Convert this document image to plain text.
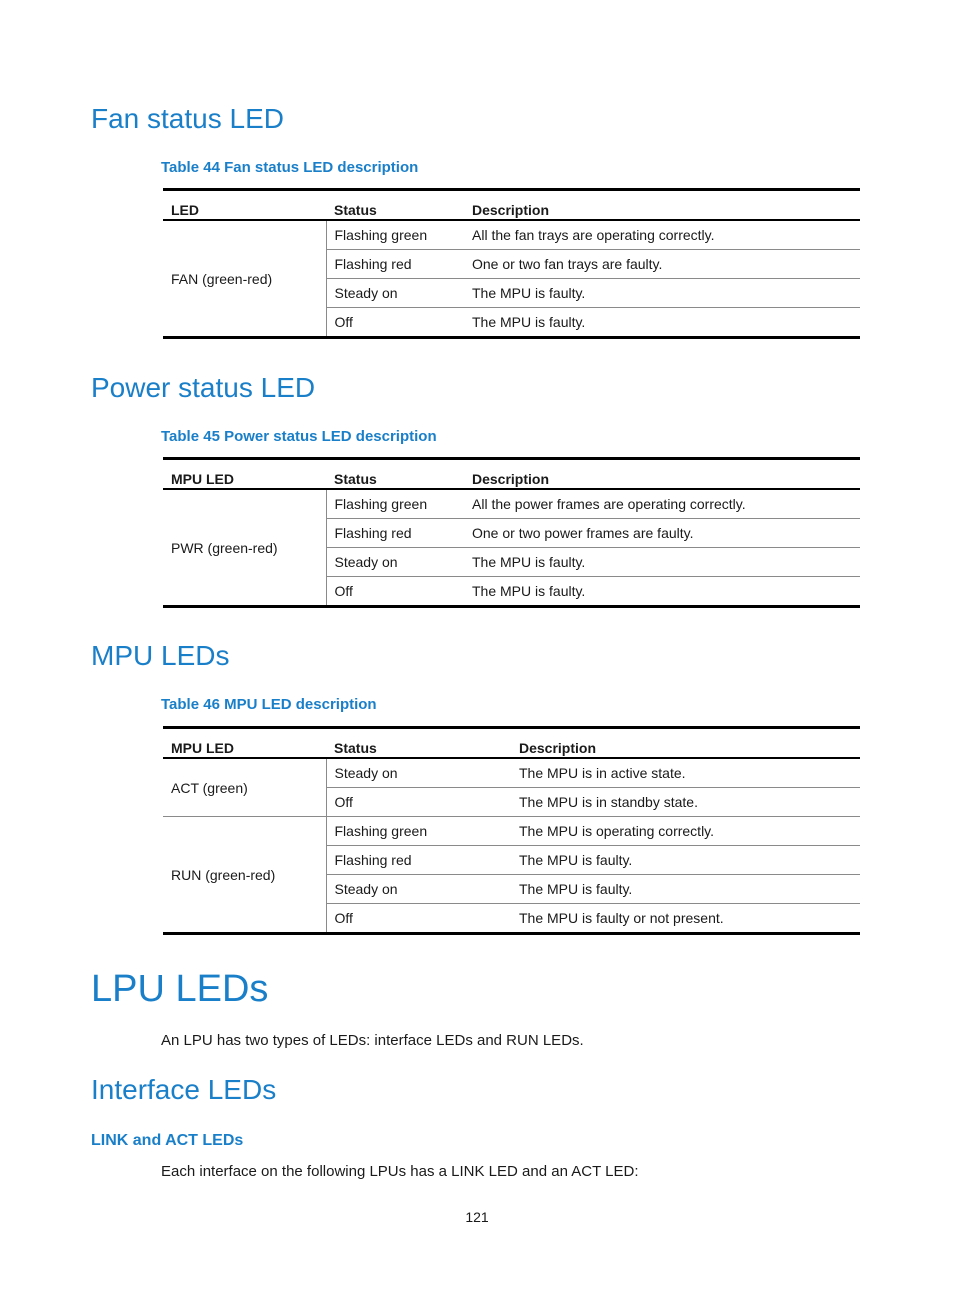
Fan status LED

Table 44 Fan status LED description

LED	Status	Description
FAN (green-red)	Flashing green	All the fan trays are operating correctly.
	Flashing red	One or two fan trays are faulty.
	Steady on	The MPU is faulty.
	Off	The MPU is faulty.
Power status LED

Table 45 Power status LED description

MPU LED	Status	Description
PWR (green-red)	Flashing green	All the power frames are operating correctly.
	Flashing red	One or two power frames are faulty.
	Steady on	The MPU is faulty.
	Off	The MPU is faulty.
MPU LEDs

Table 46 MPU LED description

MPU LED	Status	Description
ACT (green)	Steady on	The MPU is in active state.
	Off	The MPU is in standby state.
RUN (green-red)	Flashing green	The MPU is operating correctly.
	Flashing red	The MPU is faulty.
	Steady on	The MPU is faulty.
	Off	The MPU is faulty or not present.
LPU LEDs

An LPU has two types of LEDs: interface LEDs and RUN LEDs.

Interface LEDs
LINK and ACT LEDs

Each interface on the following LPUs has a LINK LED and an ACT LED:

121
